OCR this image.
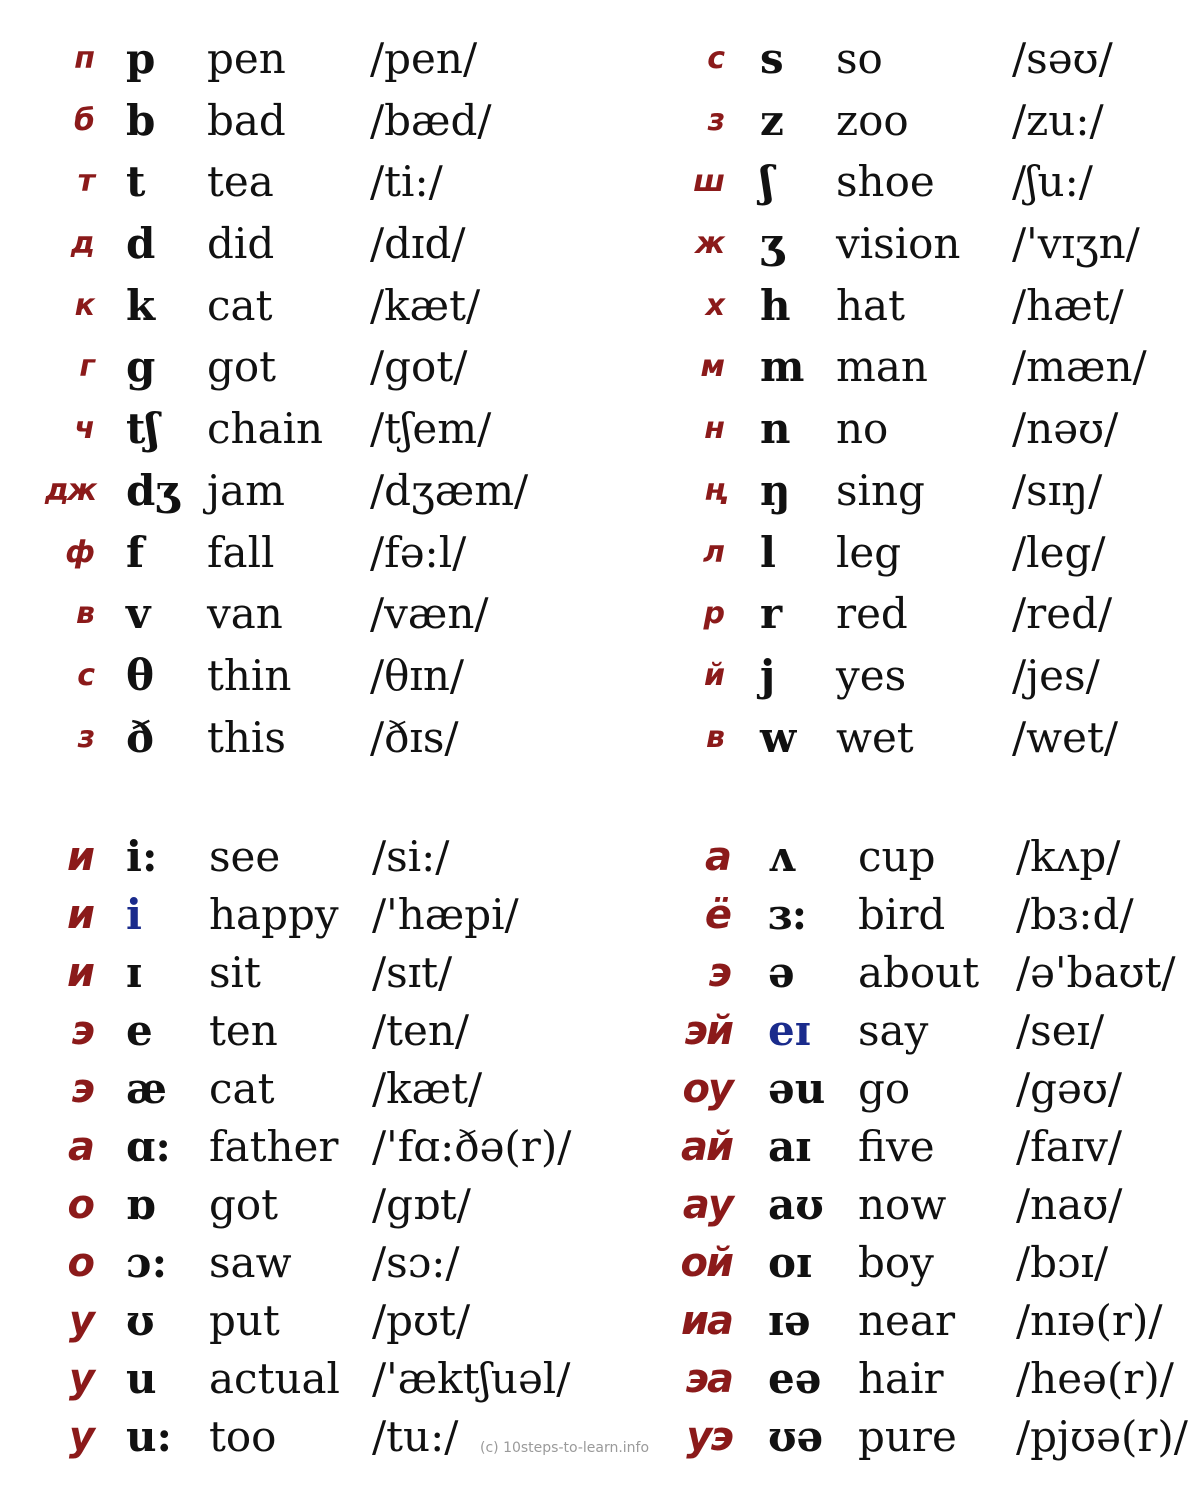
п p pen /pen/
б b bad /bæd/
т t tea /ti:/
д d did /dɪd/
к k cat /kæt/
г g got /got/
ч tʃ chain /tʃem/
дж dʒ jam /dʒæm/
ф f fall /fə:l/
в v van /væn/
с θ thin /θɪn/
з ð this /ðɪs/
с s so	/səʊ/
з z zoo /zu:/
ш ʃ shoe /ʃu:/
ж ʒ vision /'vɪʒn/
х h hat	/hæt/
м m man /mæn/
н n no	/nəʊ/
ң ŋ sing /sɪŋ/
л l leg	/leg/
р r red /red/
й j yes	/jes/
в w wet /wet/
и i: see /si:/
и i happy /'hæpi/
и ɪ sit	/sɪt/
э e ten /ten/
э æ cat /kæt/
а ɑ: father /'fɑ:ðə(r)/
о ɒ got /gɒt/
о ɔ: saw /sɔ:/
у ʊ put /pʊt/
у u actual /'æktʃuəl/
у u: too /tu:/
а ʌ cup /kʌp/
ё ɜ: bird /bɜ:d/
э ə about /ə'baʊt/
эй eɪ say /seɪ/
оу əu go	/gəʊ/
ай aɪ five /faɪv/
ау aʊ now /naʊ/
ой oɪ boy /bɔɪ/
иа ɪə near /nɪə(r)/
эа eə hair /heə(r)/
уэ ʊə pure /pjʊə(r)/
(c) 10steps-to-learn.info
